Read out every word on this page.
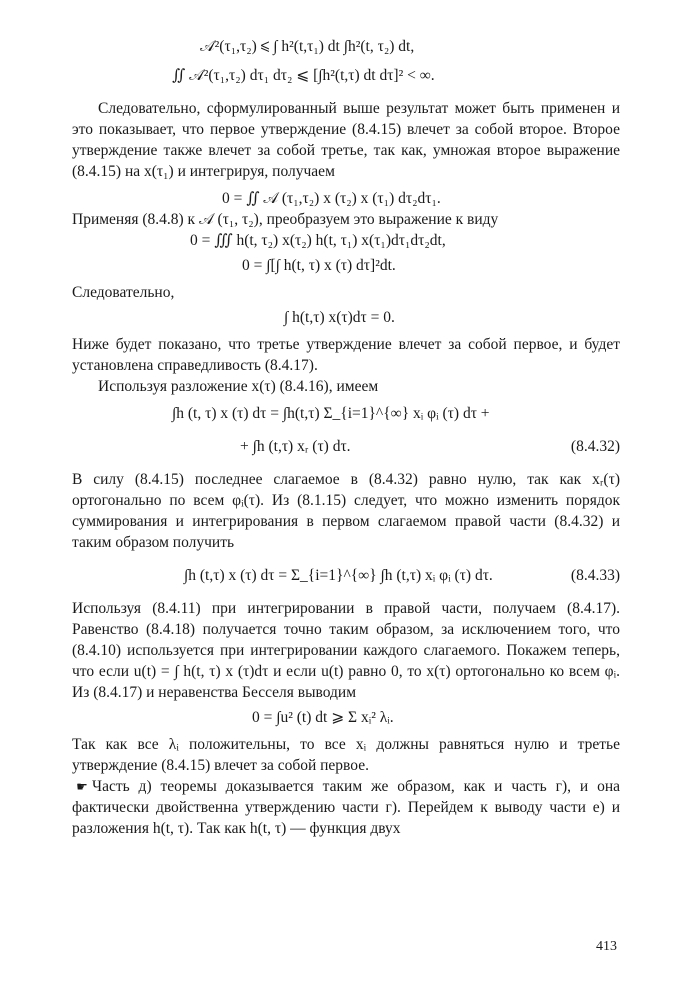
𝒜²(τ₁,τ₂) ⩽ ∫ h²(t,τ₁) dt ∫h²(t, τ₂) dt,
∬ 𝒜²(τ₁,τ₂) dτ₁ dτ₂ ⩽ [∫h²(t,τ) dt dτ]² < ∞.

Следовательно, сформулированный выше результат может быть применен и это показывает, что первое утверждение (8.4.15) влечет за собой второе. Второе утверждение также влечет за собой третье, так как, умножая второе выражение (8.4.15) на x(τ₁) и интегрируя, получаем

0 = ∬ 𝒜 (τ₁,τ₂) x (τ₂) x (τ₁) dτ₂dτ₁.

Применяя (8.4.8) к 𝒜 (τ₁, τ₂), преобразуем это выражение к виду

0 = ∭ h(t, τ₂) x(τ₂) h(t, τ₁) x(τ₁)dτ₁dτ₂dt,
0 = ∫[∫ h(t, τ) x (τ) dτ]²dt.

Следовательно,

∫ h(t,τ) x(τ)dτ = 0.

Ниже будет показано, что третье утверждение влечет за собой первое, и будет установлена справедливость (8.4.17).

Используя разложение x(τ) (8.4.16), имеем

∫h (t, τ) x (τ) dτ = ∫h(t,τ) Σ_{i=1}^{∞} xᵢ φᵢ (τ) dτ +
+ ∫h (t,τ) xᵣ (τ) dτ.	(8.4.32)

В силу (8.4.15) последнее слагаемое в (8.4.32) равно нулю, так как xᵣ(τ) ортогонально по всем φᵢ(τ). Из (8.1.15) следует, что можно изменить порядок суммирования и интегрирования в первом слагаемом правой части (8.4.32) и таким образом получить

∫h (t,τ) x (τ) dτ = Σ_{i=1}^{∞} ∫h (t,τ) xᵢ φᵢ (τ) dτ.	(8.4.33)

Используя (8.4.11) при интегрировании в правой части, получаем (8.4.17). Равенство (8.4.18) получается точно таким образом, за исключением того, что (8.4.10) используется при интегрировании каждого слагаемого. Покажем теперь, что если u(t) = ∫ h(t, τ) x (τ)dτ и если u(t) равно 0, то x(τ) ортогонально ко всем φᵢ. Из (8.4.17) и неравенства Бесселя выводим

0 = ∫u² (t) dt ⩾ Σ xᵢ² λᵢ.

Так как все λᵢ положительны, то все xᵢ должны равняться нулю и третье утверждение (8.4.15) влечет за собой первое.

☛ Часть д) теоремы доказывается таким же образом, как и часть г), и она фактически двойственна утверждению части г). Перейдем к выводу части е) и разложения h(t, τ). Так как h(t, τ) — функция двух

413
